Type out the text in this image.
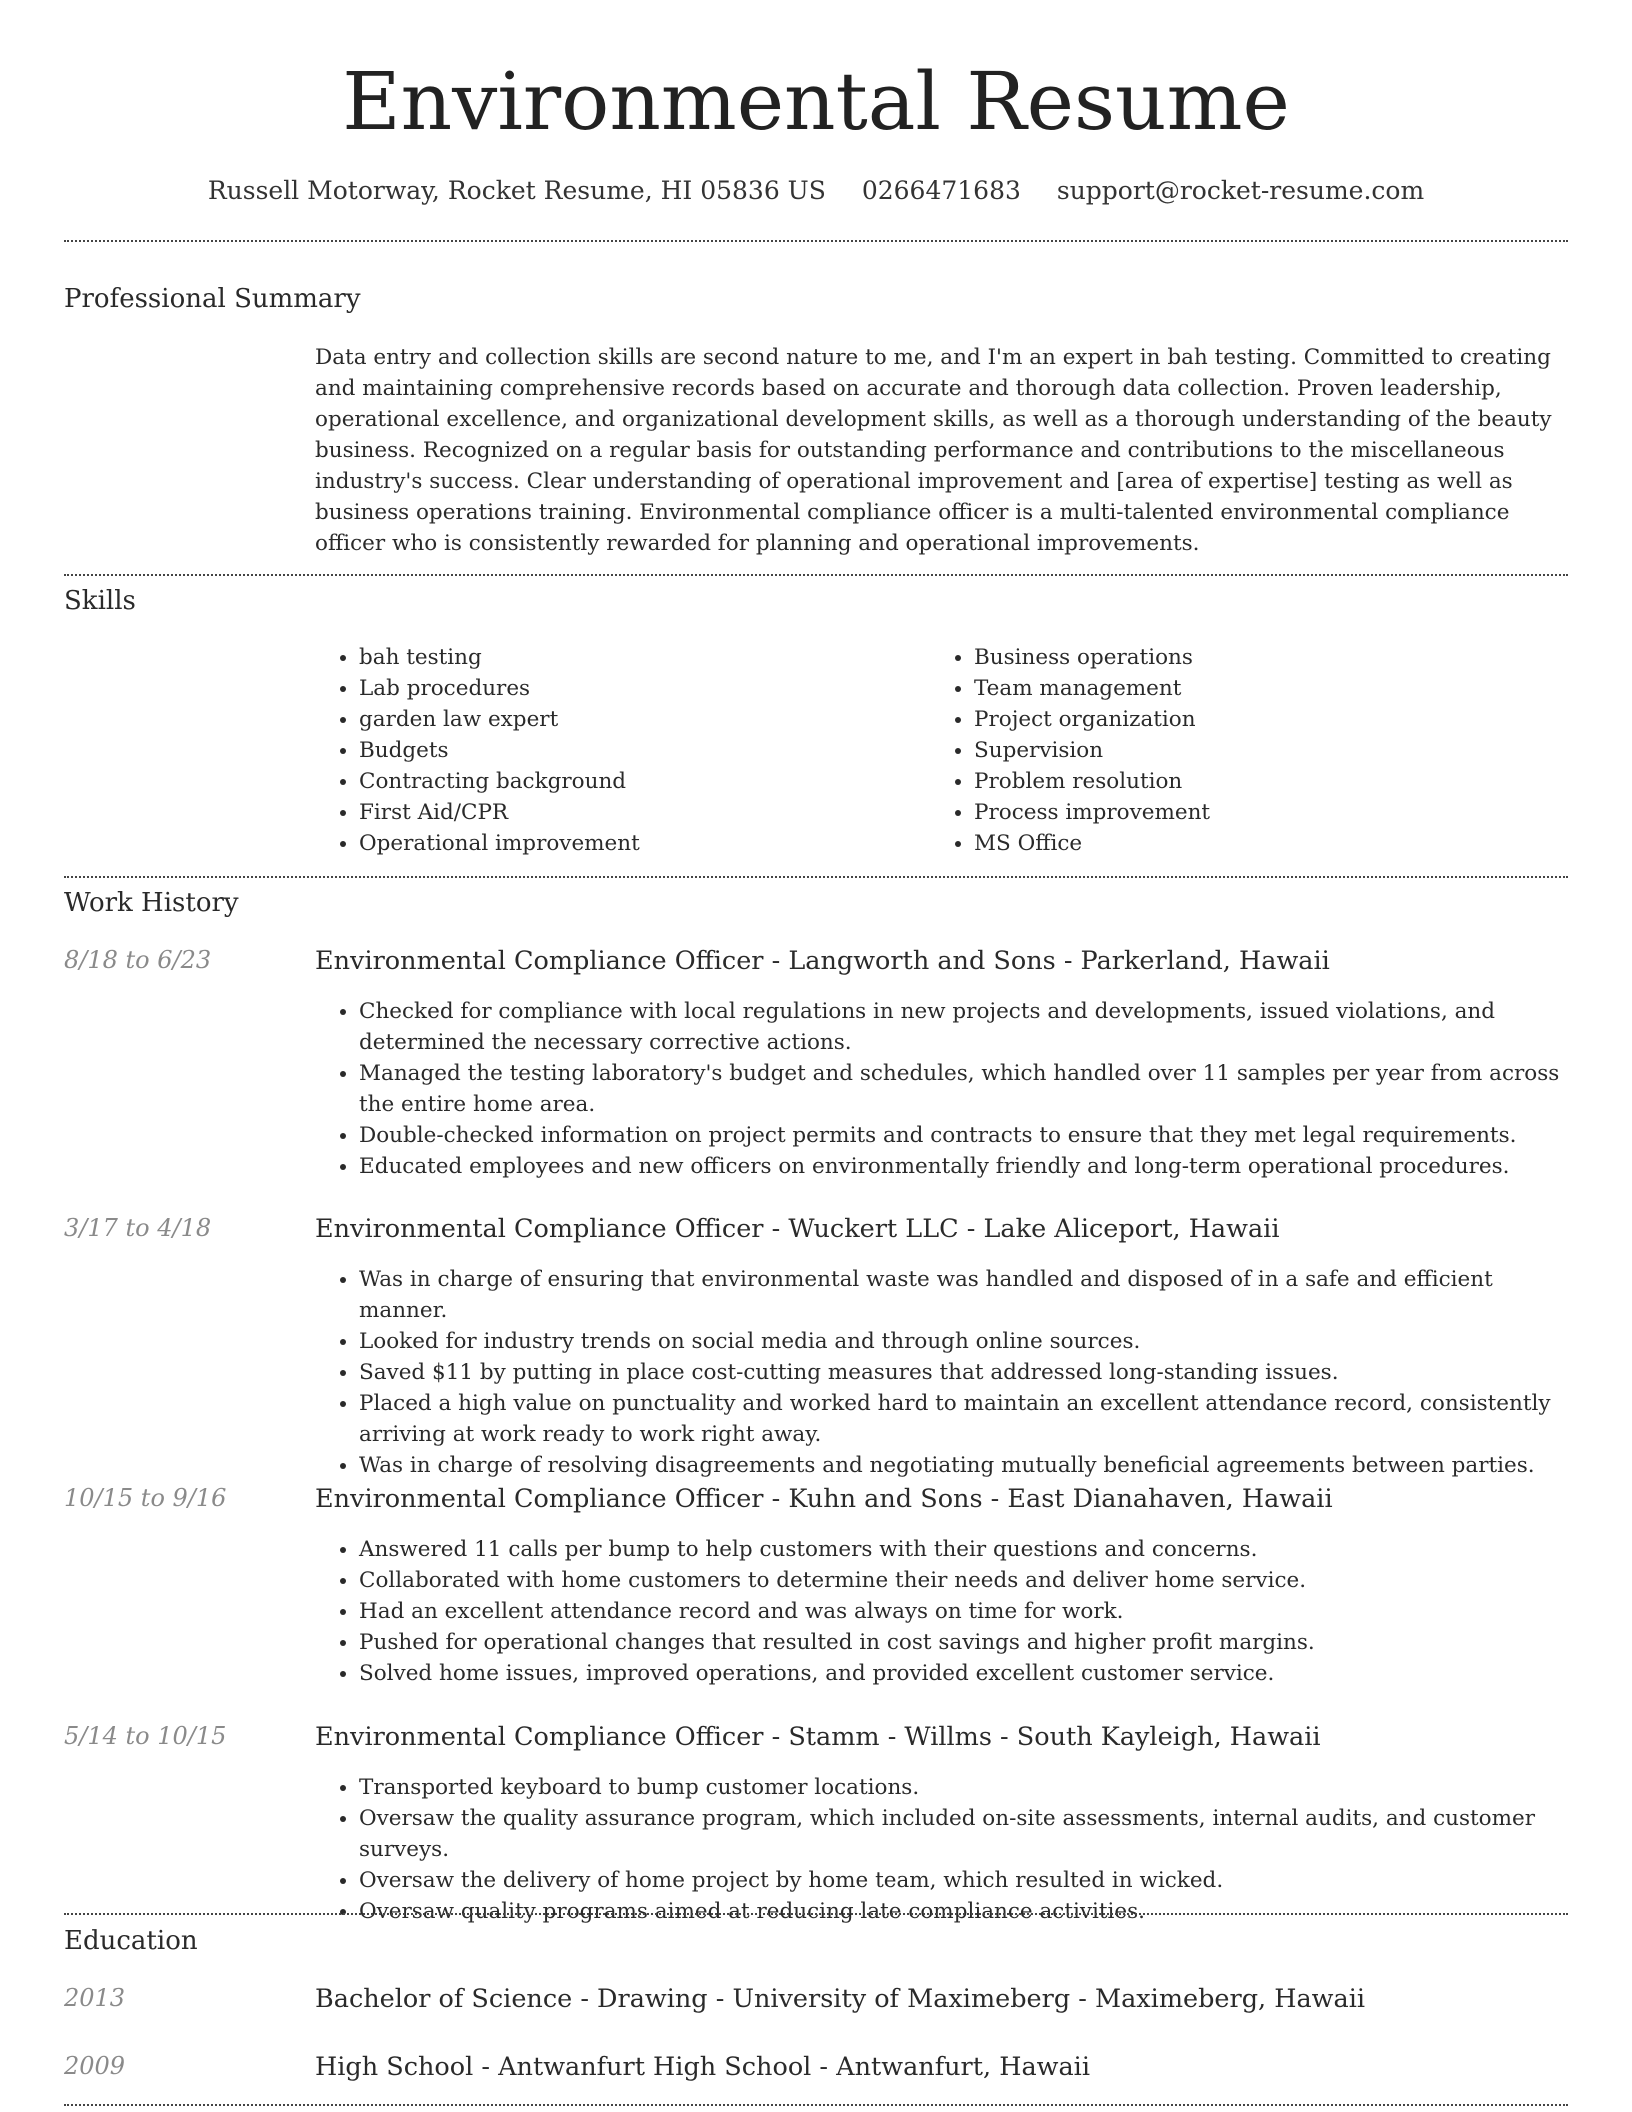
Environmental Resume
Russell Motorway, Rocket Resume, HI 05836 US 0266471683 support@rocket-resume.com
Professional Summary

Data entry and collection skills are second nature to me, and I'm an expert in bah testing. Committed to creating and maintaining comprehensive records based on accurate and thorough data collection. Proven leadership, operational excellence, and organizational development skills, as well as a thorough understanding of the beauty business. Recognized on a regular basis for outstanding performance and contributions to the miscellaneous industry's success. Clear understanding of operational improvement and [area of expertise] testing as well as business operations training. Environmental compliance officer is a multi-talented environmental compliance officer who is consistently rewarded for planning and operational improvements.

Skills
• bah testing
• Lab procedures
• garden law expert
• Budgets
• Contracting background
• First Aid/CPR
• Operational improvement
• Business operations
• Team management
• Project organization
• Supervision
• Problem resolution
• Process improvement
• MS Office
Work History
8/18 to 6/23	Environmental Compliance Officer - Langworth and Sons - Parkerland, Hawaii
• Checked for compliance with local regulations in new projects and developments, issued violations, and determined the necessary corrective actions.
• Managed the testing laboratory's budget and schedules, which handled over 11 samples per year from across the entire home area.
• Double-checked information on project permits and contracts to ensure that they met legal requirements.
• Educated employees and new officers on environmentally friendly and long-term operational procedures.
3/17 to 4/18	Environmental Compliance Officer - Wuckert LLC - Lake Aliceport, Hawaii
• Was in charge of ensuring that environmental waste was handled and disposed of in a safe and efficient manner.
• Looked for industry trends on social media and through online sources.
• Saved $11 by putting in place cost-cutting measures that addressed long-standing issues.
• Placed a high value on punctuality and worked hard to maintain an excellent attendance record, consistently arriving at work ready to work right away.
• Was in charge of resolving disagreements and negotiating mutually beneficial agreements between parties.
10/15 to 9/16	Environmental Compliance Officer - Kuhn and Sons - East Dianahaven, Hawaii
• Answered 11 calls per bump to help customers with their questions and concerns.
• Collaborated with home customers to determine their needs and deliver home service.
• Had an excellent attendance record and was always on time for work.
• Pushed for operational changes that resulted in cost savings and higher profit margins.
• Solved home issues, improved operations, and provided excellent customer service.
5/14 to 10/15	Environmental Compliance Officer - Stamm - Willms - South Kayleigh, Hawaii
• Transported keyboard to bump customer locations.
• Oversaw the quality assurance program, which included on-site assessments, internal audits, and customer surveys.
• Oversaw the delivery of home project by home team, which resulted in wicked.
• Oversaw quality programs aimed at reducing late compliance activities.
Education
2013	Bachelor of Science - Drawing - University of Maximeberg - Maximeberg, Hawaii
2009	High School - Antwanfurt High School - Antwanfurt, Hawaii
